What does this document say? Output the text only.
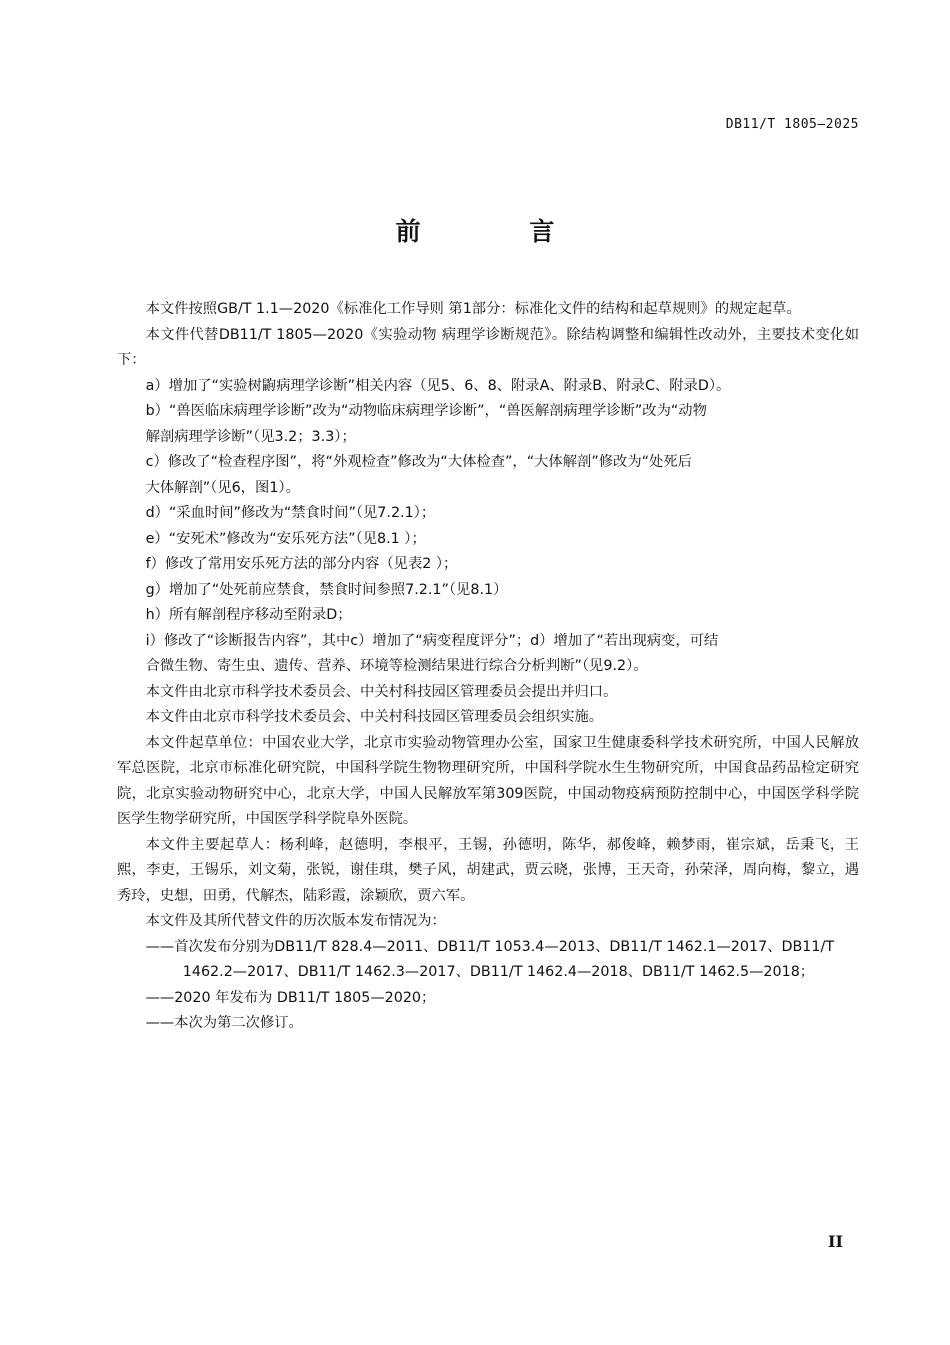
DB11/T 1805—2025
前 言

本文件按照GB/T 1.1—2020《标准化工作导则 第1部分：标准化文件的结构和起草规则》的规定起草。

本文件代替DB11/T 1805—2020《实验动物 病理学诊断规范》。除结构调整和编辑性改动外，主要技术变化如下：

a）增加了“实验树鼩病理学诊断”相关内容（见5、6、8、附录A、附录B、附录C、附录D）。

b）“兽医临床病理学诊断”改为“动物临床病理学诊断”，“兽医解剖病理学诊断”改为“动物
解剖病理学诊断”（见3.2；3.3）；

c）修改了“检查程序图”，将“外观检查”修改为“大体检查”，“大体解剖”修改为“处死后
大体解剖”（见6，图1）。

d）“采血时间”修改为“禁食时间”（见7.2.1）；

e）“安死术”修改为“安乐死方法”（见8.1 ）；

f）修改了常用安乐死方法的部分内容（见表2 ）；

g）增加了“处死前应禁食，禁食时间参照7.2.1”（见8.1）

h）所有解剖程序移动至附录D；

i）修改了“诊断报告内容”，其中c）增加了“病变程度评分”；d）增加了“若出现病变，可结
合微生物、寄生虫、遗传、营养、环境等检测结果进行综合分析判断”（见9.2）。

本文件由北京市科学技术委员会、中关村科技园区管理委员会提出并归口。

本文件由北京市科学技术委员会、中关村科技园区管理委员会组织实施。

本文件起草单位：中国农业大学，北京市实验动物管理办公室，国家卫生健康委科学技术研究所，中国人民解放军总医院，北京市标准化研究院，中国科学院生物物理研究所，中国科学院水生生物研究所，中国食品药品检定研究院，北京实验动物研究中心，北京大学，中国人民解放军第309医院，中国动物疫病预防控制中心，中国医学科学院医学生物学研究所，中国医学科学院阜外医院。

本文件主要起草人：杨利峰，赵德明，李根平，王锡，孙德明，陈华，郝俊峰，赖梦雨，崔宗斌，岳秉飞，王熙，李吏，王锡乐，刘文菊，张锐，谢佳琪，樊子风，胡建武，贾云晓，张博，王天奇，孙荣泽，周向梅，黎立，遇秀玲，史想，田勇，代解杰，陆彩霞，涂颖欣，贾六军。

本文件及其所代替文件的历次版本发布情况为：

——首次发布分别为DB11/T 828.4—2011、DB11/T 1053.4—2013、DB11/T 1462.1—2017、DB11/T
1462.2—2017、DB11/T 1462.3—2017、DB11/T 1462.4—2018、DB11/T 1462.5—2018；

——2020 年发布为 DB11/T 1805—2020；

——本次为第二次修订。

II
